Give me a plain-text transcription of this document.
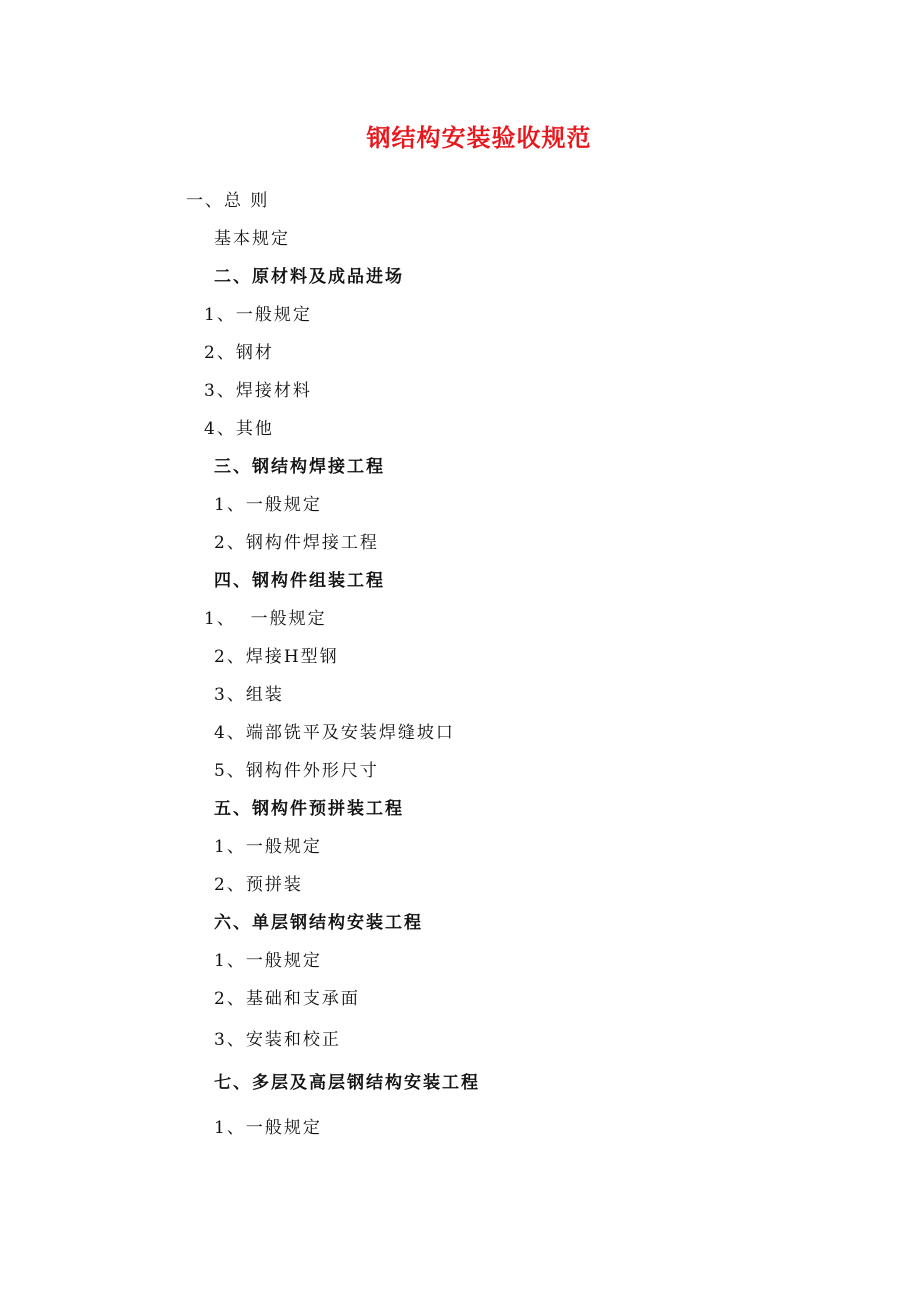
钢结构安装验收规范
一、总 则
基本规定
二、原材料及成品进场
1、一般规定
2、钢材
3、焊接材料
4、其他
三、钢结构焊接工程
1、一般规定
2、钢构件焊接工程
四、钢构件组装工程
1、  一般规定
2、焊接H型钢
3、组装
4、端部铣平及安装焊缝坡口
5、钢构件外形尺寸
五、钢构件预拼装工程
1、一般规定
2、预拼装
六、单层钢结构安装工程
1、一般规定
2、基础和支承面
3、安装和校正
七、多层及高层钢结构安装工程
1、一般规定
